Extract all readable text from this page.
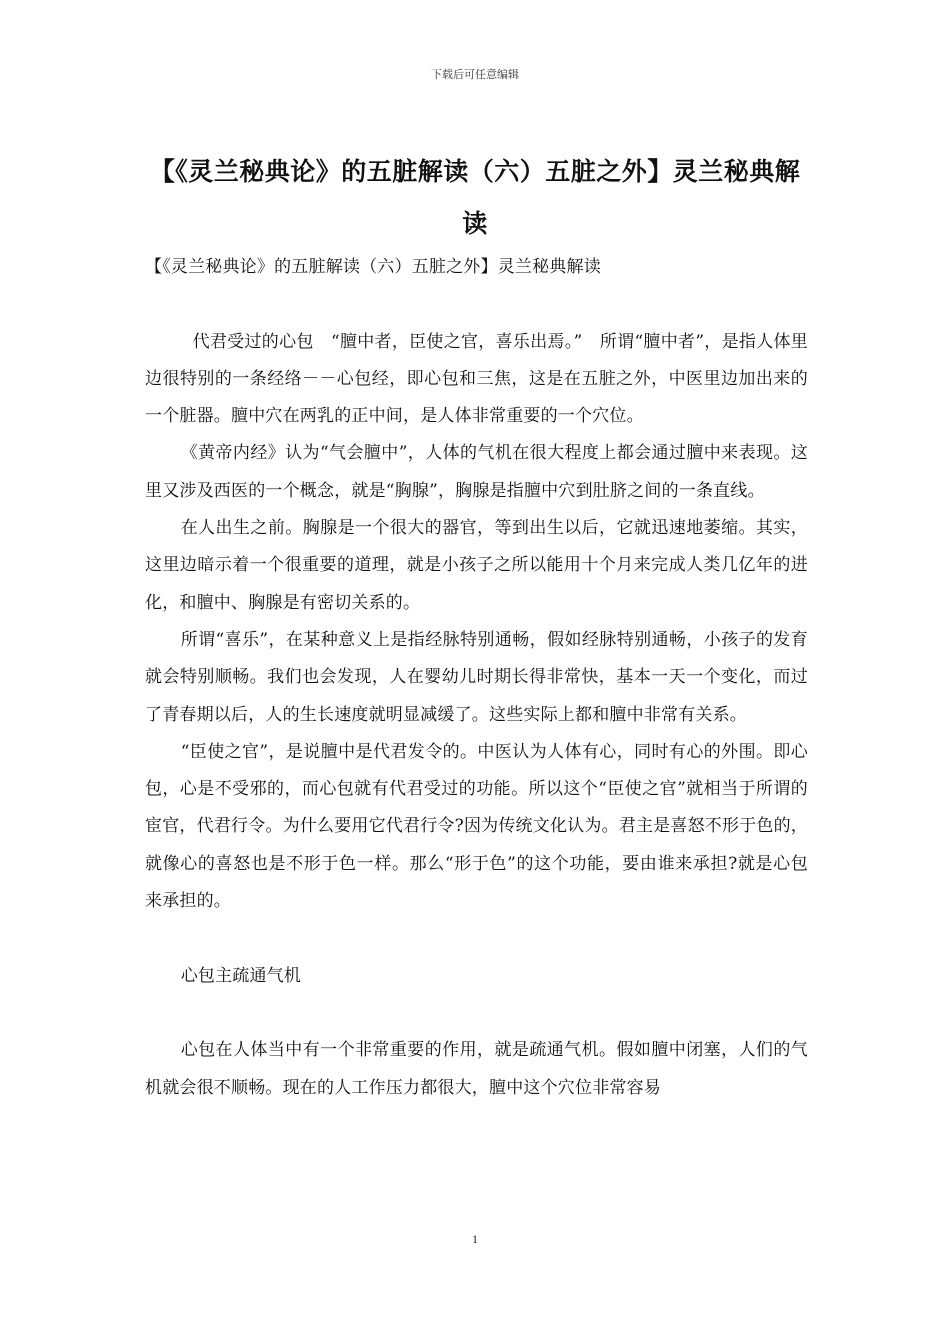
下载后可任意编辑
【《灵兰秘典论》的五脏解读（六）五脏之外】灵兰秘典解读

【《灵兰秘典论》的五脏解读（六）五脏之外】灵兰秘典解读

代君受过的心包　“膻中者，臣使之官，喜乐出焉。”　所谓“膻中者”，是指人体里边很特别的一条经络－－心包经，即心包和三焦，这是在五脏之外，中医里边加出来的一个脏器。膻中穴在两乳的正中间，是人体非常重要的一个穴位。

《黄帝内经》认为“气会膻中”，人体的气机在很大程度上都会通过膻中来表现。这里又涉及西医的一个概念，就是“胸腺”，胸腺是指膻中穴到肚脐之间的一条直线。

在人出生之前。胸腺是一个很大的器官，等到出生以后，它就迅速地萎缩。其实，这里边暗示着一个很重要的道理，就是小孩子之所以能用十个月来完成人类几亿年的进化，和膻中、胸腺是有密切关系的。

所谓“喜乐”，在某种意义上是指经脉特别通畅，假如经脉特别通畅，小孩子的发育就会特别顺畅。我们也会发现，人在婴幼儿时期长得非常快，基本一天一个变化，而过了青春期以后，人的生长速度就明显减缓了。这些实际上都和膻中非常有关系。

“臣使之官”，是说膻中是代君发令的。中医认为人体有心，同时有心的外围。即心包，心是不受邪的，而心包就有代君受过的功能。所以这个“臣使之官”就相当于所谓的宦官，代君行令。为什么要用它代君行令?因为传统文化认为。君主是喜怒不形于色的，就像心的喜怒也是不形于色一样。那么“形于色”的这个功能，要由谁来承担?就是心包来承担的。

心包主疏通气机

心包在人体当中有一个非常重要的作用，就是疏通气机。假如膻中闭塞，人们的气机就会很不顺畅。现在的人工作压力都很大，膻中这个穴位非常容易

1
